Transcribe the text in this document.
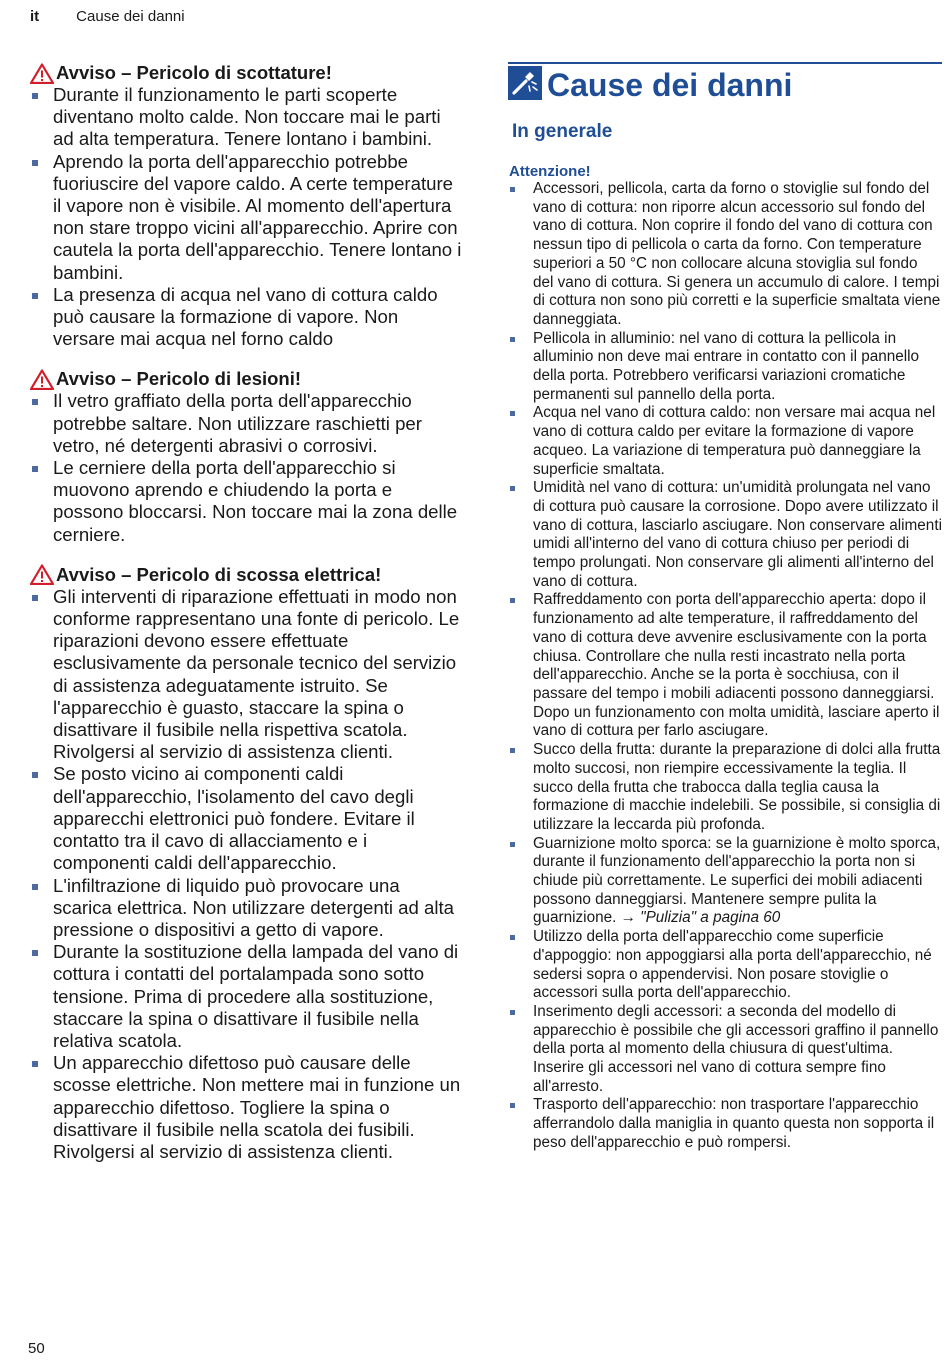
it Cause dei danni
Avviso – Pericolo di scottature!
Durante il funzionamento le parti scoperte diventano molto calde. Non toccare mai le parti ad alta temperatura. Tenere lontano i bambini.
Aprendo la porta dell'apparecchio potrebbe fuoriuscire del vapore caldo. A certe temperature il vapore non è visibile. Al momento dell'apertura non stare troppo vicini all'apparecchio. Aprire con cautela la porta dell'apparecchio. Tenere lontano i bambini.
La presenza di acqua nel vano di cottura caldo può causare la formazione di vapore. Non versare mai acqua nel forno caldo
Avviso – Pericolo di lesioni!
Il vetro graffiato della porta dell'apparecchio potrebbe saltare. Non utilizzare raschietti per vetro, né detergenti abrasivi o corrosivi.
Le cerniere della porta dell'apparecchio si muovono aprendo e chiudendo la porta e possono bloccarsi. Non toccare mai la zona delle cerniere.
Avviso – Pericolo di scossa elettrica!
Gli interventi di riparazione effettuati in modo non conforme rappresentano una fonte di pericolo. Le riparazioni devono essere effettuate esclusivamente da personale tecnico del servizio di assistenza adeguatamente istruito. Se l'apparecchio è guasto, staccare la spina o disattivare il fusibile nella rispettiva scatola. Rivolgersi al servizio di assistenza clienti.
Se posto vicino ai componenti caldi dell'apparecchio, l'isolamento del cavo degli apparecchi elettronici può fondere. Evitare il contatto tra il cavo di allacciamento e i componenti caldi dell'apparecchio.
L'infiltrazione di liquido può provocare una scarica elettrica. Non utilizzare detergenti ad alta pressione o dispositivi a getto di vapore.
Durante la sostituzione della lampada del vano di cottura i contatti del portalampada sono sotto tensione. Prima di procedere alla sostituzione, staccare la spina o disattivare il fusibile nella relativa scatola.
Un apparecchio difettoso può causare delle scosse elettriche. Non mettere mai in funzione un apparecchio difettoso. Togliere la spina o disattivare il fusibile nella scatola dei fusibili. Rivolgersi al servizio di assistenza clienti.
Cause dei danni
In generale
Attenzione!
Accessori, pellicola, carta da forno o stoviglie sul fondo del vano di cottura: non riporre alcun accessorio sul fondo del vano di cottura. Non coprire il fondo del vano di cottura con nessun tipo di pellicola o carta da forno. Con temperature superiori a 50 °C non collocare alcuna stoviglia sul fondo del vano di cottura. Si genera un accumulo di calore. I tempi di cottura non sono più corretti e la superficie smaltata viene danneggiata.
Pellicola in alluminio: nel vano di cottura la pellicola in alluminio non deve mai entrare in contatto con il pannello della porta. Potrebbero verificarsi variazioni cromatiche permanenti sul pannello della porta.
Acqua nel vano di cottura caldo: non versare mai acqua nel vano di cottura caldo per evitare la formazione di vapore acqueo. La variazione di temperatura può danneggiare la superficie smaltata.
Umidità nel vano di cottura: un'umidità prolungata nel vano di cottura può causare la corrosione. Dopo avere utilizzato il vano di cottura, lasciarlo asciugare. Non conservare alimenti umidi all'interno del vano di cottura chiuso per periodi di tempo prolungati. Non conservare gli alimenti all'interno del vano di cottura.
Raffreddamento con porta dell'apparecchio aperta: dopo il funzionamento ad alte temperature, il raffreddamento del vano di cottura deve avvenire esclusivamente con la porta chiusa. Controllare che nulla resti incastrato nella porta dell'apparecchio. Anche se la porta è socchiusa, con il passare del tempo i mobili adiacenti possono danneggiarsi. Dopo un funzionamento con molta umidità, lasciare aperto il vano di cottura per farlo asciugare.
Succo della frutta: durante la preparazione di dolci alla frutta molto succosi, non riempire eccessivamente la teglia. Il succo della frutta che trabocca dalla teglia causa la formazione di macchie indelebili. Se possibile, si consiglia di utilizzare la leccarda più profonda.
Guarnizione molto sporca: se la guarnizione è molto sporca, durante il funzionamento dell'apparecchio la porta non si chiude più correttamente. Le superfici dei mobili adiacenti possono danneggiarsi. Mantenere sempre pulita la guarnizione. → "Pulizia" a pagina 60
Utilizzo della porta dell'apparecchio come superficie d'appoggio: non appoggiarsi alla porta dell'apparecchio, né sedersi sopra o appendervisi. Non posare stoviglie o accessori sulla porta dell'apparecchio.
Inserimento degli accessori: a seconda del modello di apparecchio è possibile che gli accessori graffino il pannello della porta al momento della chiusura di quest'ultima. Inserire gli accessori nel vano di cottura sempre fino all'arresto.
Trasporto dell'apparecchio: non trasportare l'apparecchio afferrandolo dalla maniglia in quanto questa non sopporta il peso dell'apparecchio e può rompersi.
50
